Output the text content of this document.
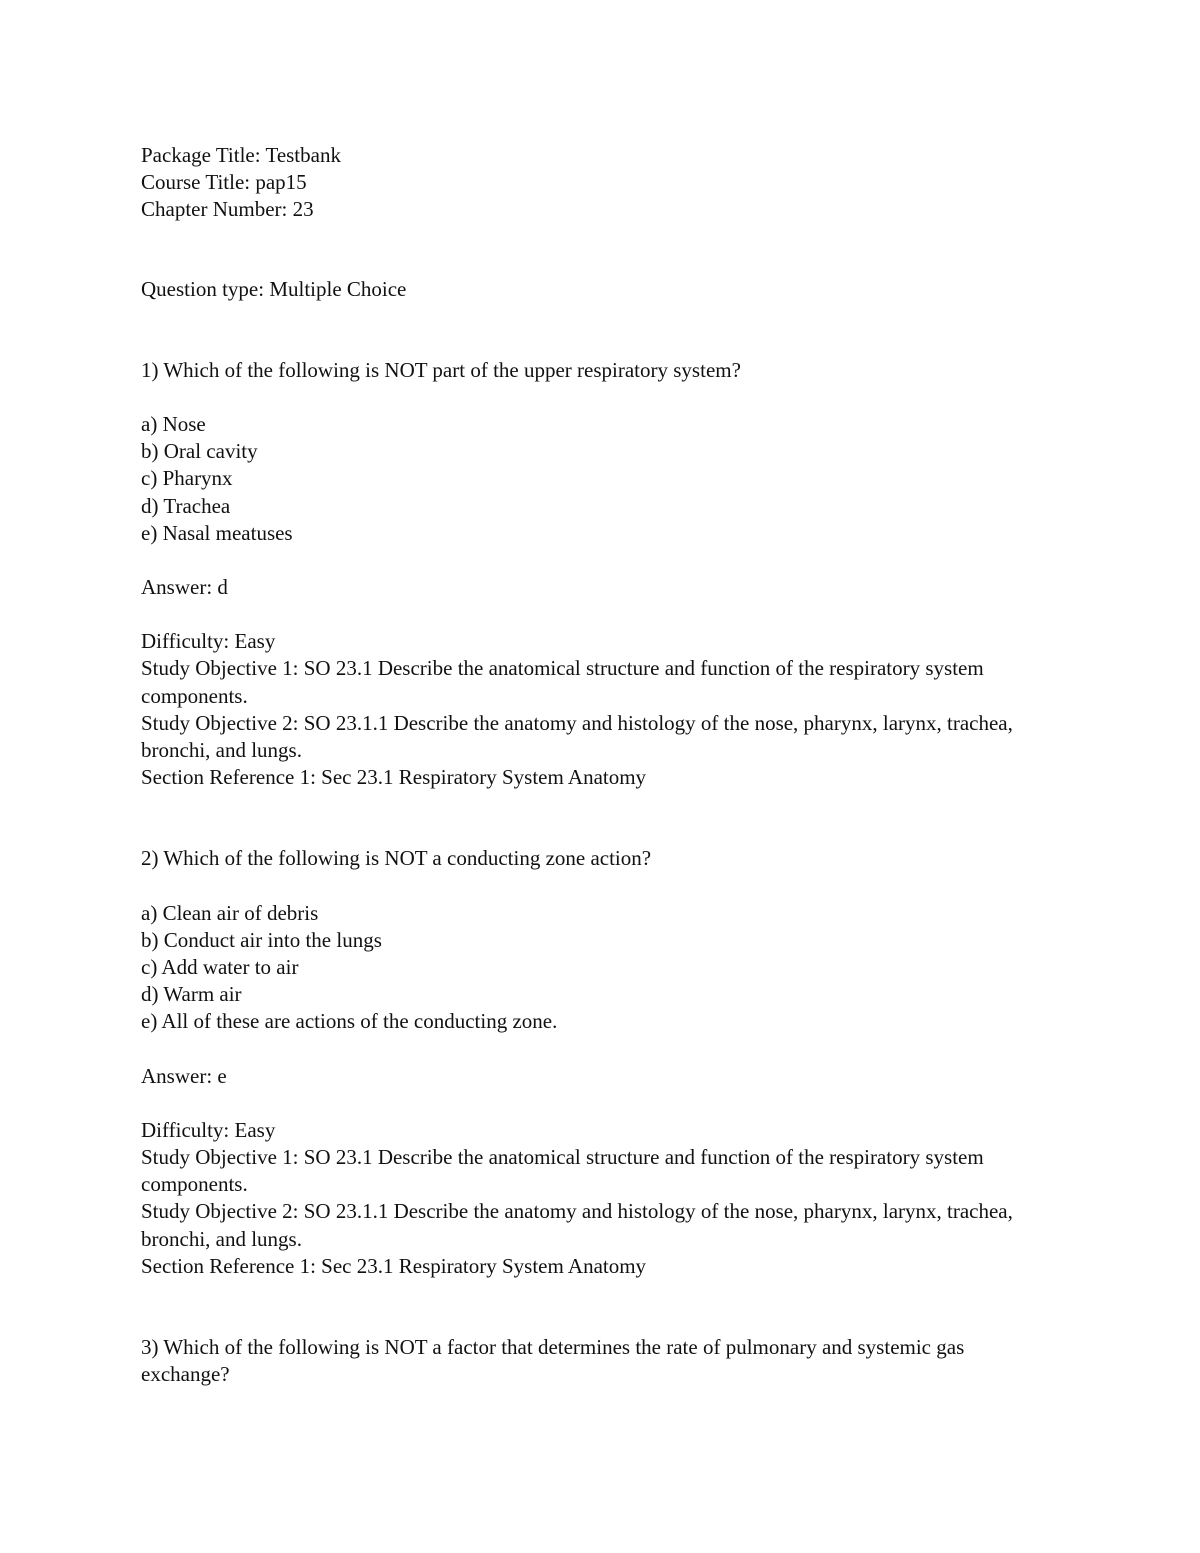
Package Title: Testbank
Course Title: pap15
Chapter Number: 23
Question type: Multiple Choice
1) Which of the following is NOT part of the upper respiratory system?
a) Nose
b) Oral cavity
c) Pharynx
d) Trachea
e) Nasal meatuses
Answer: d
Difficulty: Easy
Study Objective 1: SO 23.1 Describe the anatomical structure and function of the respiratory system components.
Study Objective 2: SO 23.1.1 Describe the anatomy and histology of the nose, pharynx, larynx, trachea, bronchi, and lungs.
Section Reference 1: Sec 23.1 Respiratory System Anatomy
2) Which of the following is NOT a conducting zone action?
a) Clean air of debris
b) Conduct air into the lungs
c) Add water to air
d) Warm air
e) All of these are actions of the conducting zone.
Answer: e
Difficulty: Easy
Study Objective 1: SO 23.1 Describe the anatomical structure and function of the respiratory system components.
Study Objective 2: SO 23.1.1 Describe the anatomy and histology of the nose, pharynx, larynx, trachea, bronchi, and lungs.
Section Reference 1: Sec 23.1 Respiratory System Anatomy
3) Which of the following is NOT a factor that determines the rate of pulmonary and systemic gas exchange?
